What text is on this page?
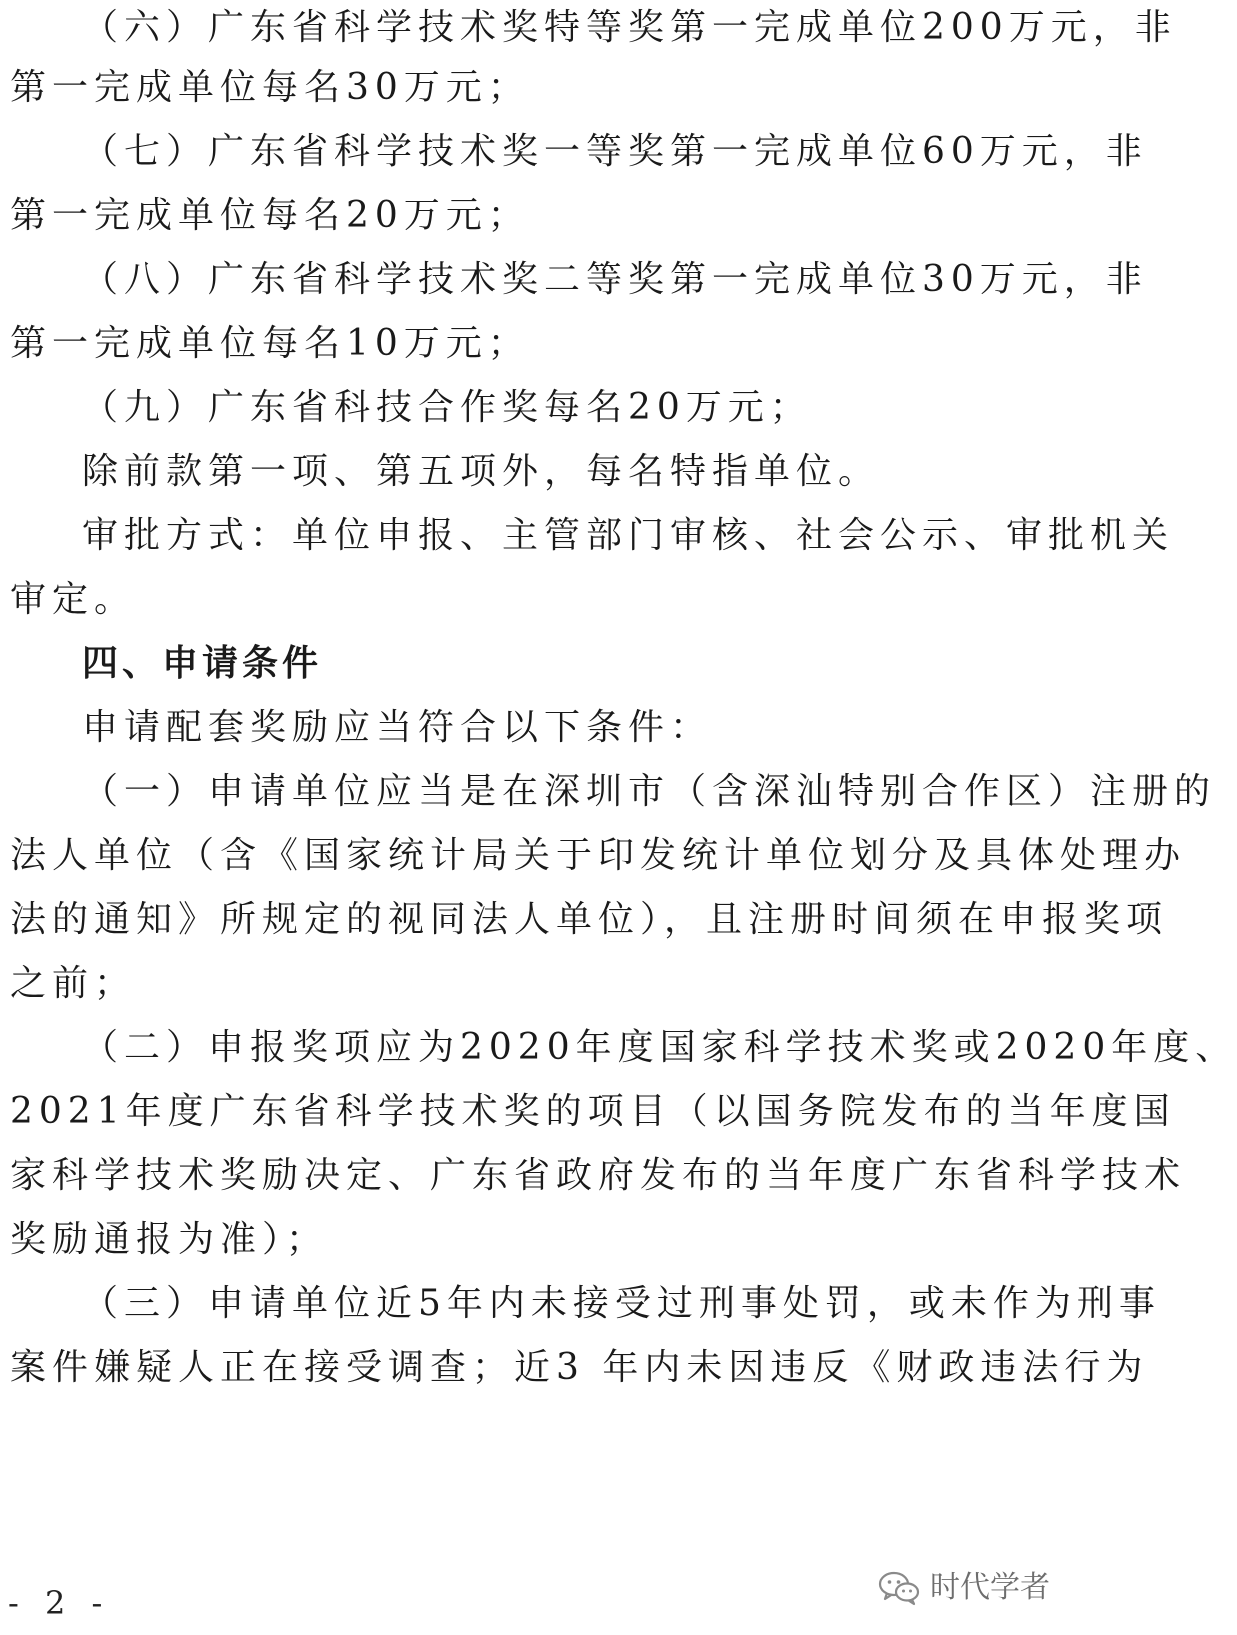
（六）广东省科学技术奖特等奖第一完成单位200万元，非
第一完成单位每名30万元；
（七）广东省科学技术奖一等奖第一完成单位60万元，非
第一完成单位每名20万元；
（八）广东省科学技术奖二等奖第一完成单位30万元，非
第一完成单位每名10万元；
（九）广东省科技合作奖每名20万元；
除前款第一项、第五项外，每名特指单位。
审批方式：单位申报、主管部门审核、社会公示、审批机关
审定。
四、申请条件
申请配套奖励应当符合以下条件：
（一）申请单位应当是在深圳市（含深汕特别合作区）注册的
法人单位（含《国家统计局关于印发统计单位划分及具体处理办
法的通知》所规定的视同法人单位），且注册时间须在申报奖项
之前；
（二）申报奖项应为2020年度国家科学技术奖或2020年度、
2021年度广东省科学技术奖的项目（以国务院发布的当年度国
家科学技术奖励决定、广东省政府发布的当年度广东省科学技术
奖励通报为准）；
（三）申请单位近5年内未接受过刑事处罚，或未作为刑事
案件嫌疑人正在接受调查；近3 年内未因违反《财政违法行为
- 2 -	时代学者
